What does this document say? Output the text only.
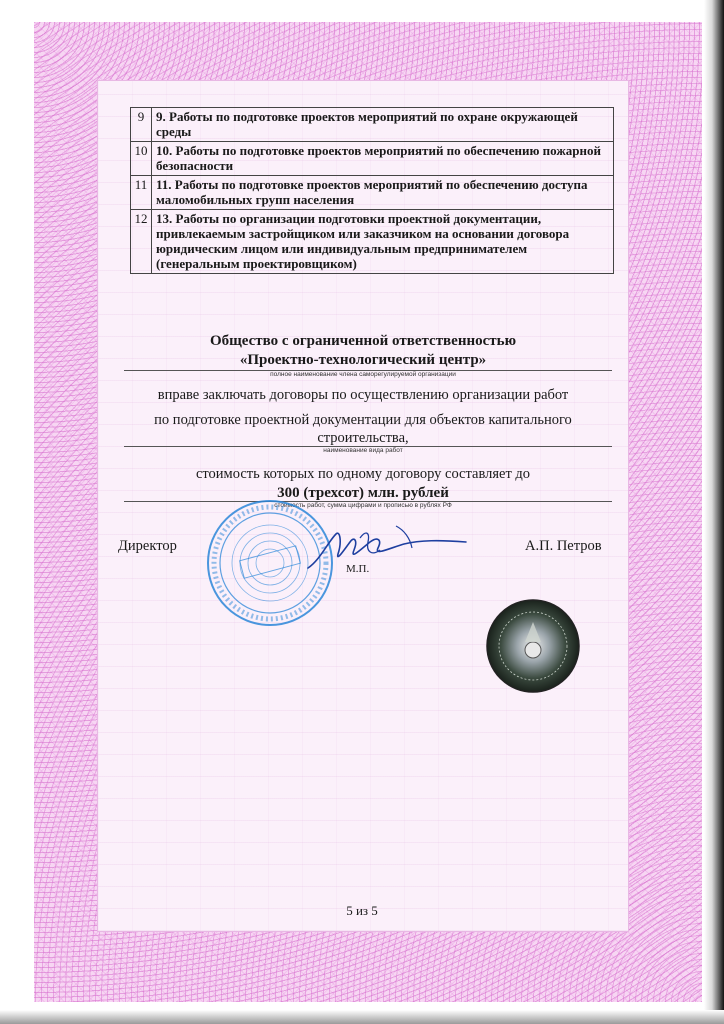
9	9. Работы по подготовке проектов мероприятий по охране окружающей среды
10	10. Работы по подготовке проектов мероприятий по обеспечению пожарной безопасности
11	11. Работы по подготовке проектов мероприятий по обеспечению доступа маломобильных групп населения
12	13. Работы по организации подготовки проектной документации, привлекаемым застройщиком или заказчиком на основании договора юридическим лицом или индивидуальным предпринимателем (генеральным проектировщиком)
Общество с ограниченной ответственностью
«Проектно-технологический центр»
полное наименование члена саморегулируемой организации
вправе заключать договоры по осуществлению организации работ
по подготовке проектной документации для объектов капитального
строительства,
наименование вида работ
стоимость которых по одному договору составляет до
300 (трехсот) млн. рублей
стоимость работ, сумма цифрами и прописью в рублях РФ
Директор	А.П. Петров
М.П.
5 из 5
